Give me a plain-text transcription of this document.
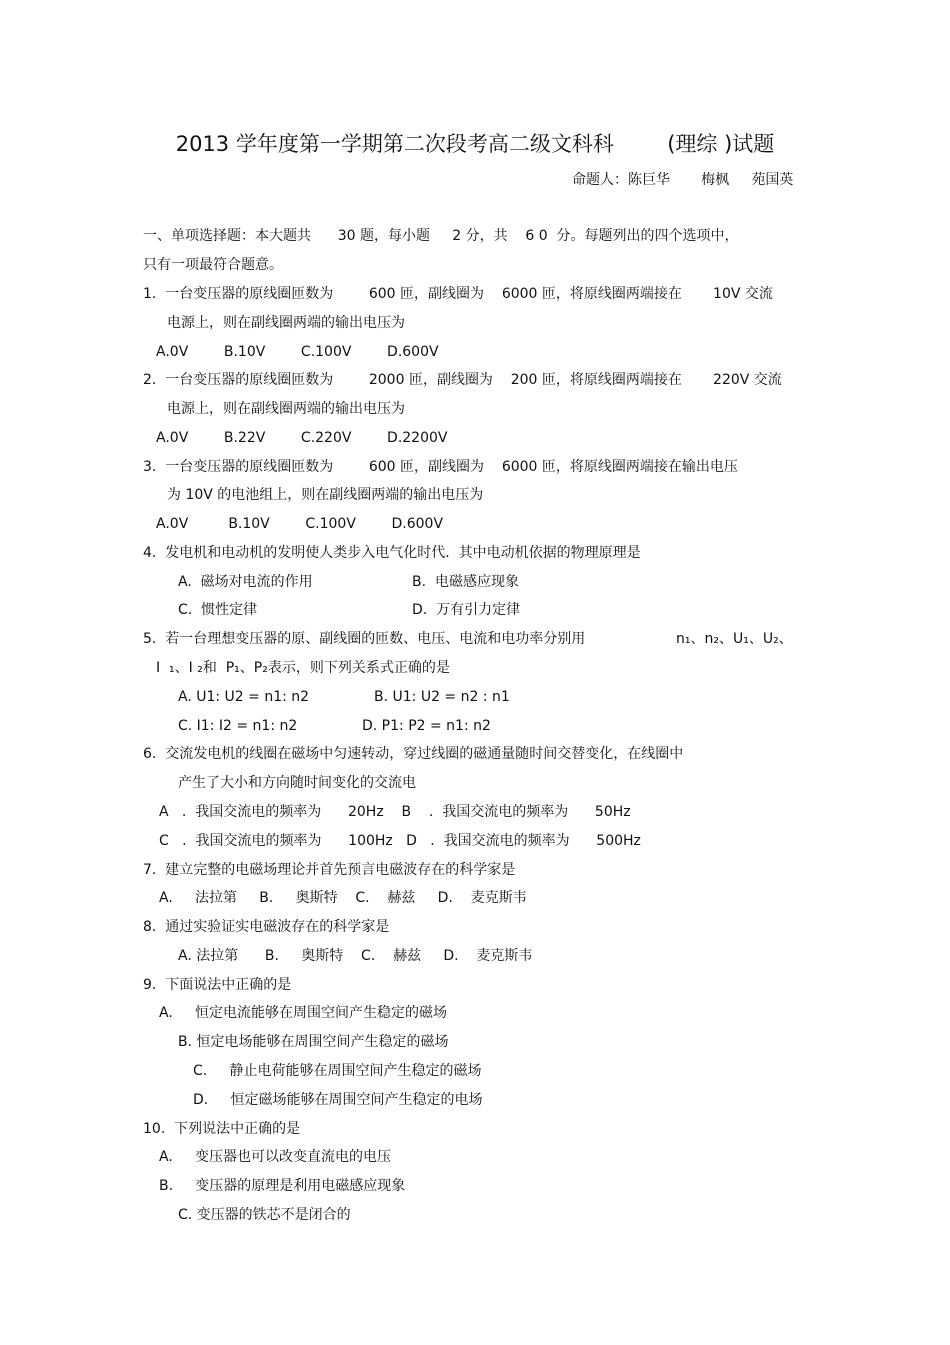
2013 学年度第一学期第二次段考高二级文科科        (理综 )试题
命题人：陈巨华       梅枫     苑国英
一、单项选择题：本大题共      30 题，每小题     2 分，共    6 0  分。每题列出的四个选项中，
只有一项最符合题意。
1.  一台变压器的原线圈匝数为        600 匝，副线圈为    6000 匝，将原线圈两端接在       10V 交流
电源上，则在副线圈两端的输出电压为
A.0V        B.10V        C.100V        D.600V
2.  一台变压器的原线圈匝数为        2000 匝，副线圈为    200 匝，将原线圈两端接在       220V 交流
电源上，则在副线圈两端的输出电压为
A.0V        B.22V        C.220V        D.2200V
3.  一台变压器的原线圈匝数为        600 匝，副线圈为    6000 匝，将原线圈两端接在输出电压
为 10V 的电池组上，则在副线圈两端的输出电压为
A.0V         B.10V        C.100V        D.600V
4.  发电机和电动机的发明使人类步入电气化时代.  其中电动机依据的物理原理是
A.  磁场对电流的作用	B.  电磁感应现象
C.  惯性定律	D.  万有引力定律
5.  若一台理想变压器的原、副线圈的匝数、电压、电流和电功率分别用	n₁、n₂、U₁、U₂、
I  ₁、I ₂和  P₁、P₂表示，则下列关系式正确的是
A. U1: U2 = n1: n2	B. U1: U2 = n2 : n1
C. I1: I2 = n1: n2	D. P1: P2 = n1: n2
6.  交流发电机的线圈在磁场中匀速转动，穿过线圈的磁通量随时间交替变化，在线圈中
产生了大小和方向随时间变化的交流电
A   .  我国交流电的频率为      20Hz    B    .  我国交流电的频率为      50Hz
C   .  我国交流电的频率为      100Hz   D   .  我国交流电的频率为      500Hz
7.  建立完整的电磁场理论并首先预言电磁波存在的科学家是
A.     法拉第     B.     奥斯特    C.    赫兹     D.    麦克斯韦
8.  通过实验证实电磁波存在的科学家是
A. 法拉第      B.     奥斯特    C.    赫兹     D.    麦克斯韦
9.  下面说法中正确的是
A.     恒定电流能够在周围空间产生稳定的磁场
B. 恒定电场能够在周围空间产生稳定的磁场
C.     静止电荷能够在周围空间产生稳定的磁场
D.     恒定磁场能够在周围空间产生稳定的电场
10.  下列说法中正确的是
A.     变压器也可以改变直流电的电压
B.     变压器的原理是利用电磁感应现象
C. 变压器的铁芯不是闭合的
